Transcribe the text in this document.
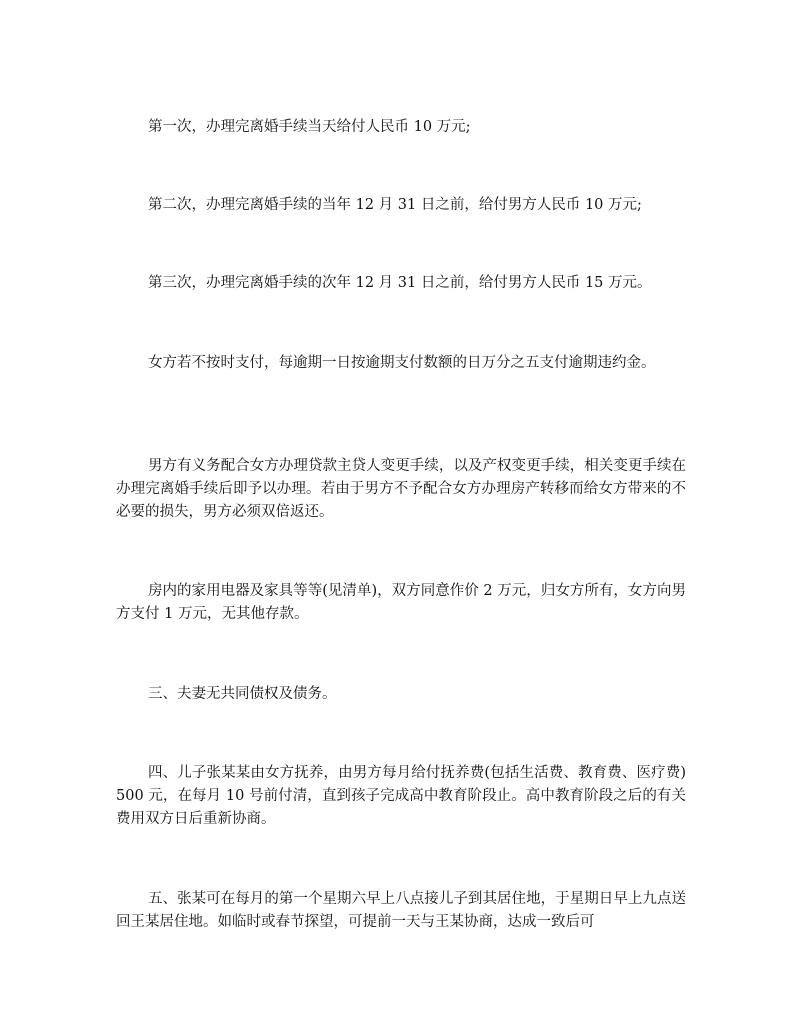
第一次，办理完离婚手续当天给付人民币 10 万元;

第二次，办理完离婚手续的当年 12 月 31 日之前，给付男方人民币 10 万元;

第三次，办理完离婚手续的次年 12 月 31 日之前，给付男方人民币 15 万元。

女方若不按时支付，每逾期一日按逾期支付数额的日万分之五支付逾期违约金。

男方有义务配合女方办理贷款主贷人变更手续，以及产权变更手续，相关变更手续在办理完离婚手续后即予以办理。若由于男方不予配合女方办理房产转移而给女方带来的不必要的损失，男方必须双倍返还。

房内的家用电器及家具等等(见清单)，双方同意作价 2 万元，归女方所有，女方向男方支付 1 万元，无其他存款。

三、夫妻无共同债权及债务。

四、儿子张某某由女方抚养，由男方每月给付抚养费(包括生活费、教育费、医疗费)500 元，在每月 10 号前付清，直到孩子完成高中教育阶段止。高中教育阶段之后的有关费用双方日后重新协商。

五、张某可在每月的第一个星期六早上八点接儿子到其居住地，于星期日早上九点送回王某居住地。如临时或春节探望，可提前一天与王某协商，达成一致后可
